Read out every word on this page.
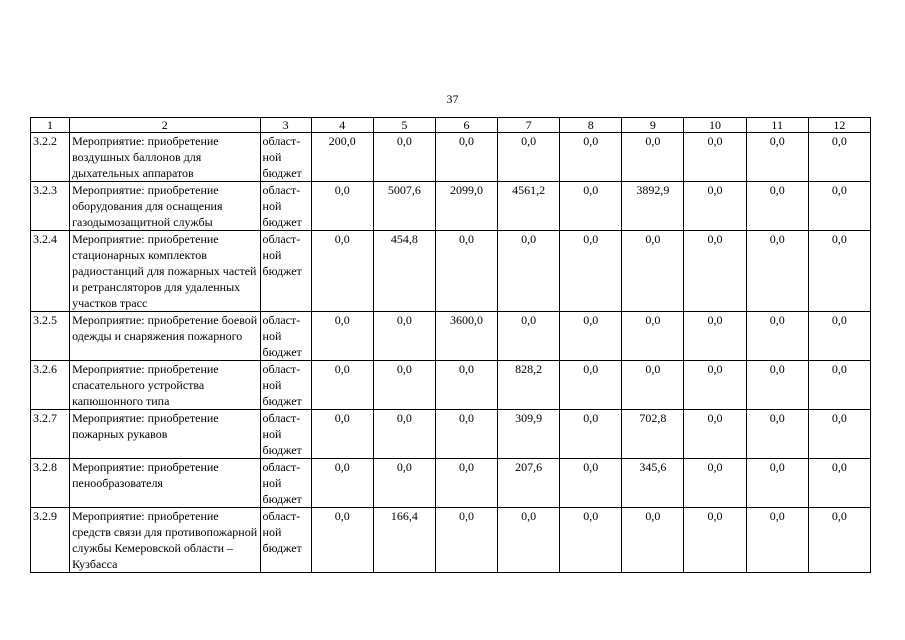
37
1	2	3	4	5	6	7	8	9	10	11	12
3.2.2	Мероприятие: приобретение воздушных баллонов для дыхательных аппаратов	област-ной бюджет	200,0	0,0	0,0	0,0	0,0	0,0	0,0	0,0	0,0
3.2.3	Мероприятие: приобретение оборудования для оснащения газодымозащитной службы	област-ной бюджет	0,0	5007,6	2099,0	4561,2	0,0	3892,9	0,0	0,0	0,0
3.2.4	Мероприятие: приобретение стационарных комплектов радиостанций для пожарных частей и ретрансляторов для удаленных участков трасс	област-ной бюджет	0,0	454,8	0,0	0,0	0,0	0,0	0,0	0,0	0,0
3.2.5	Мероприятие: приобретение боевой одежды и снаряжения пожарного	област-ной бюджет	0,0	0,0	3600,0	0,0	0,0	0,0	0,0	0,0	0,0
3.2.6	Мероприятие: приобретение спасательного устройства капюшонного типа	област-ной бюджет	0,0	0,0	0,0	828,2	0,0	0,0	0,0	0,0	0,0
3.2.7	Мероприятие: приобретение пожарных рукавов	област-ной бюджет	0,0	0,0	0,0	309,9	0,0	702,8	0,0	0,0	0,0
3.2.8	Мероприятие: приобретение пенообразователя	област-ной бюджет	0,0	0,0	0,0	207,6	0,0	345,6	0,0	0,0	0,0
3.2.9	Мероприятие: приобретение средств связи для противопожарной службы Кемеровской области – Кузбасса	област-ной бюджет	0,0	166,4	0,0	0,0	0,0	0,0	0,0	0,0	0,0
